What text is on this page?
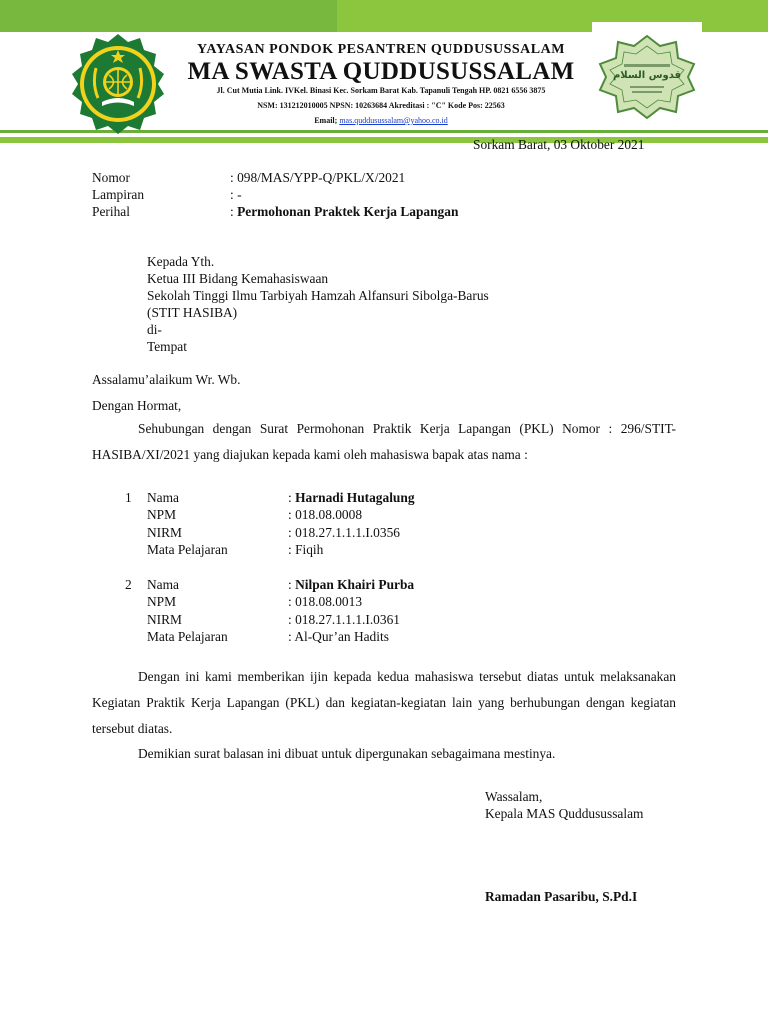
قدوس السلام
YAYASAN PONDOK PESANTREN QUDDUSUSSALAM
MA SWASTA QUDDUSUSSALAM
Jl. Cut Mutia Link. IVKel. Binasi Kec. Sorkam Barat Kab. Tapanuli Tengah HP. 0821 6556 3875
NSM: 131212010005 NPSN: 10263684 Akreditasi : "C" Kode Pos: 22563
Email; mas.quddusussalam@yahoo.co.id
Sorkam Barat, 03 Oktober 2021
Nomor	: 098/MAS/YPP-Q/PKL/X/2021
Lampiran	: -
Perihal	: Permohonan Praktek Kerja Lapangan
Kepada Yth.
Ketua III Bidang Kemahasiswaan
Sekolah Tinggi Ilmu Tarbiyah Hamzah Alfansuri Sibolga-Barus
(STIT HASIBA)
di-
Tempat
Assalamu’alaikum Wr. Wb.
Dengan Hormat,
Sehubungan dengan Surat Permohonan Praktik Kerja Lapangan (PKL) Nomor : 296/STIT-HASIBA/XI/2021 yang diajukan kepada kami oleh mahasiswa bapak atas nama :
1 Nama	: Harnadi Hutagalung
NPM	: 018.08.0008
NIRM	: 018.27.1.1.1.I.0356
Mata Pelajaran	: Fiqih
2 Nama	: Nilpan Khairi Purba
NPM	: 018.08.0013
NIRM	: 018.27.1.1.1.I.0361
Mata Pelajaran	: Al-Qur’an Hadits
Dengan ini kami memberikan ijin kepada kedua mahasiswa tersebut diatas untuk melaksanakan Kegiatan Praktik Kerja Lapangan (PKL) dan kegiatan-kegiatan lain yang berhubungan dengan kegiatan tersebut diatas.
Demikian surat balasan ini dibuat untuk dipergunakan sebagaimana mestinya.
Wassalam,
Kepala MAS Quddusussalam
Ramadan Pasaribu, S.Pd.I
